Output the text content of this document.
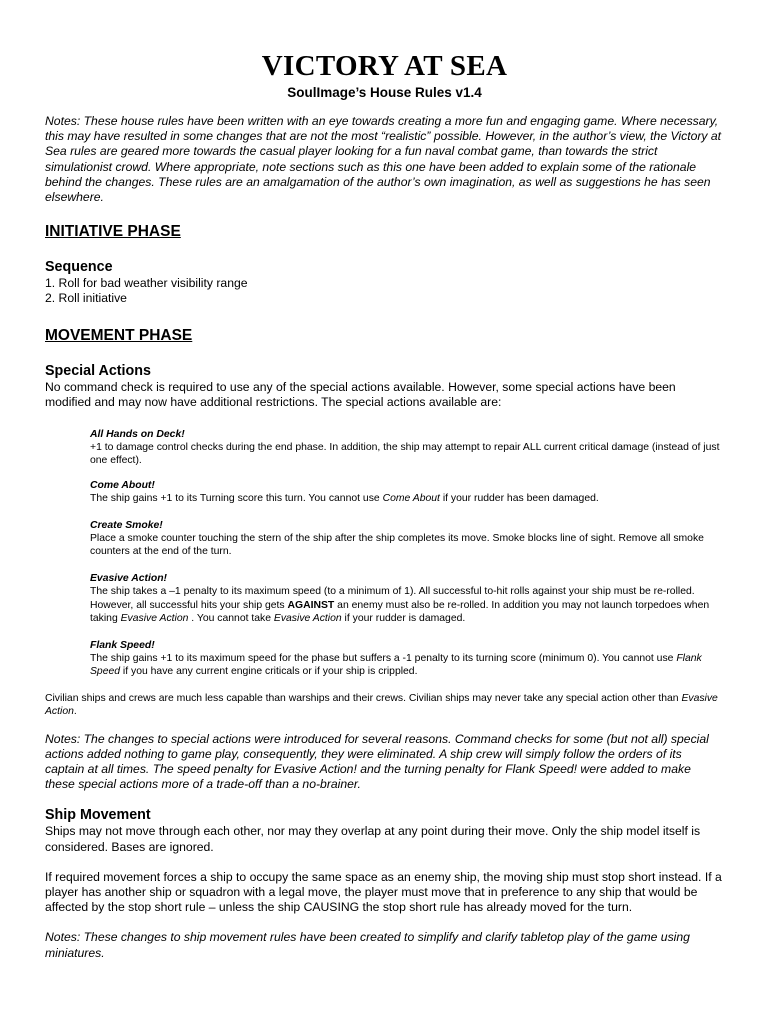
VICTORY AT SEA

SoulImage’s House Rules v1.4

Notes: These house rules have been written with an eye towards creating a more fun and engaging game. Where necessary, this may have resulted in some changes that are not the most “realistic” possible. However, in the author’s view, the Victory at Sea rules are geared more towards the casual player looking for a fun naval combat game, than towards the strict simulationist crowd. Where appropriate, note sections such as this one have been added to explain some of the rationale behind the changes. These rules are an amalgamation of the author’s own imagination, as well as suggestions he has seen elsewhere.

INITIATIVE PHASE

Sequence

1. Roll for bad weather visibility range
2. Roll initiative

MOVEMENT PHASE

Special Actions

No command check is required to use any of the special actions available. However, some special actions have been modified and may now have additional restrictions. The special actions available are:

All Hands on Deck!

+1 to damage control checks during the end phase. In addition, the ship may attempt to repair ALL current critical damage (instead of just one effect).

Come About!

The ship gains +1 to its Turning score this turn. You cannot use Come About if your rudder has been damaged.

Create Smoke!

Place a smoke counter touching the stern of the ship after the ship completes its move. Smoke blocks line of sight. Remove all smoke counters at the end of the turn.

Evasive Action!

The ship takes a –1 penalty to its maximum speed (to a minimum of 1). All successful to-hit rolls against your ship must be re-rolled. However, all successful hits your ship gets AGAINST an enemy must also be re-rolled. In addition you may not launch torpedoes when taking Evasive Action . You cannot take Evasive Action if your rudder is damaged.

Flank Speed!

The ship gains +1 to its maximum speed for the phase but suffers a -1 penalty to its turning score (minimum 0). You cannot use Flank Speed if you have any current engine criticals or if your ship is crippled.

Civilian ships and crews are much less capable than warships and their crews. Civilian ships may never take any special action other than Evasive Action.

Notes: The changes to special actions were introduced for several reasons. Command checks for some (but not all) special actions added nothing to game play, consequently, they were eliminated. A ship crew will simply follow the orders of its captain at all times. The speed penalty for Evasive Action! and the turning penalty for Flank Speed! were added to make these special actions more of a trade-off than a no-brainer.

Ship Movement

Ships may not move through each other, nor may they overlap at any point during their move. Only the ship model itself is considered. Bases are ignored.

If required movement forces a ship to occupy the same space as an enemy ship, the moving ship must stop short instead. If a player has another ship or squadron with a legal move, the player must move that in preference to any ship that would be affected by the stop short rule – unless the ship CAUSING the stop short rule has already moved for the turn.

Notes: These changes to ship movement rules have been created to simplify and clarify tabletop play of the game using miniatures.
